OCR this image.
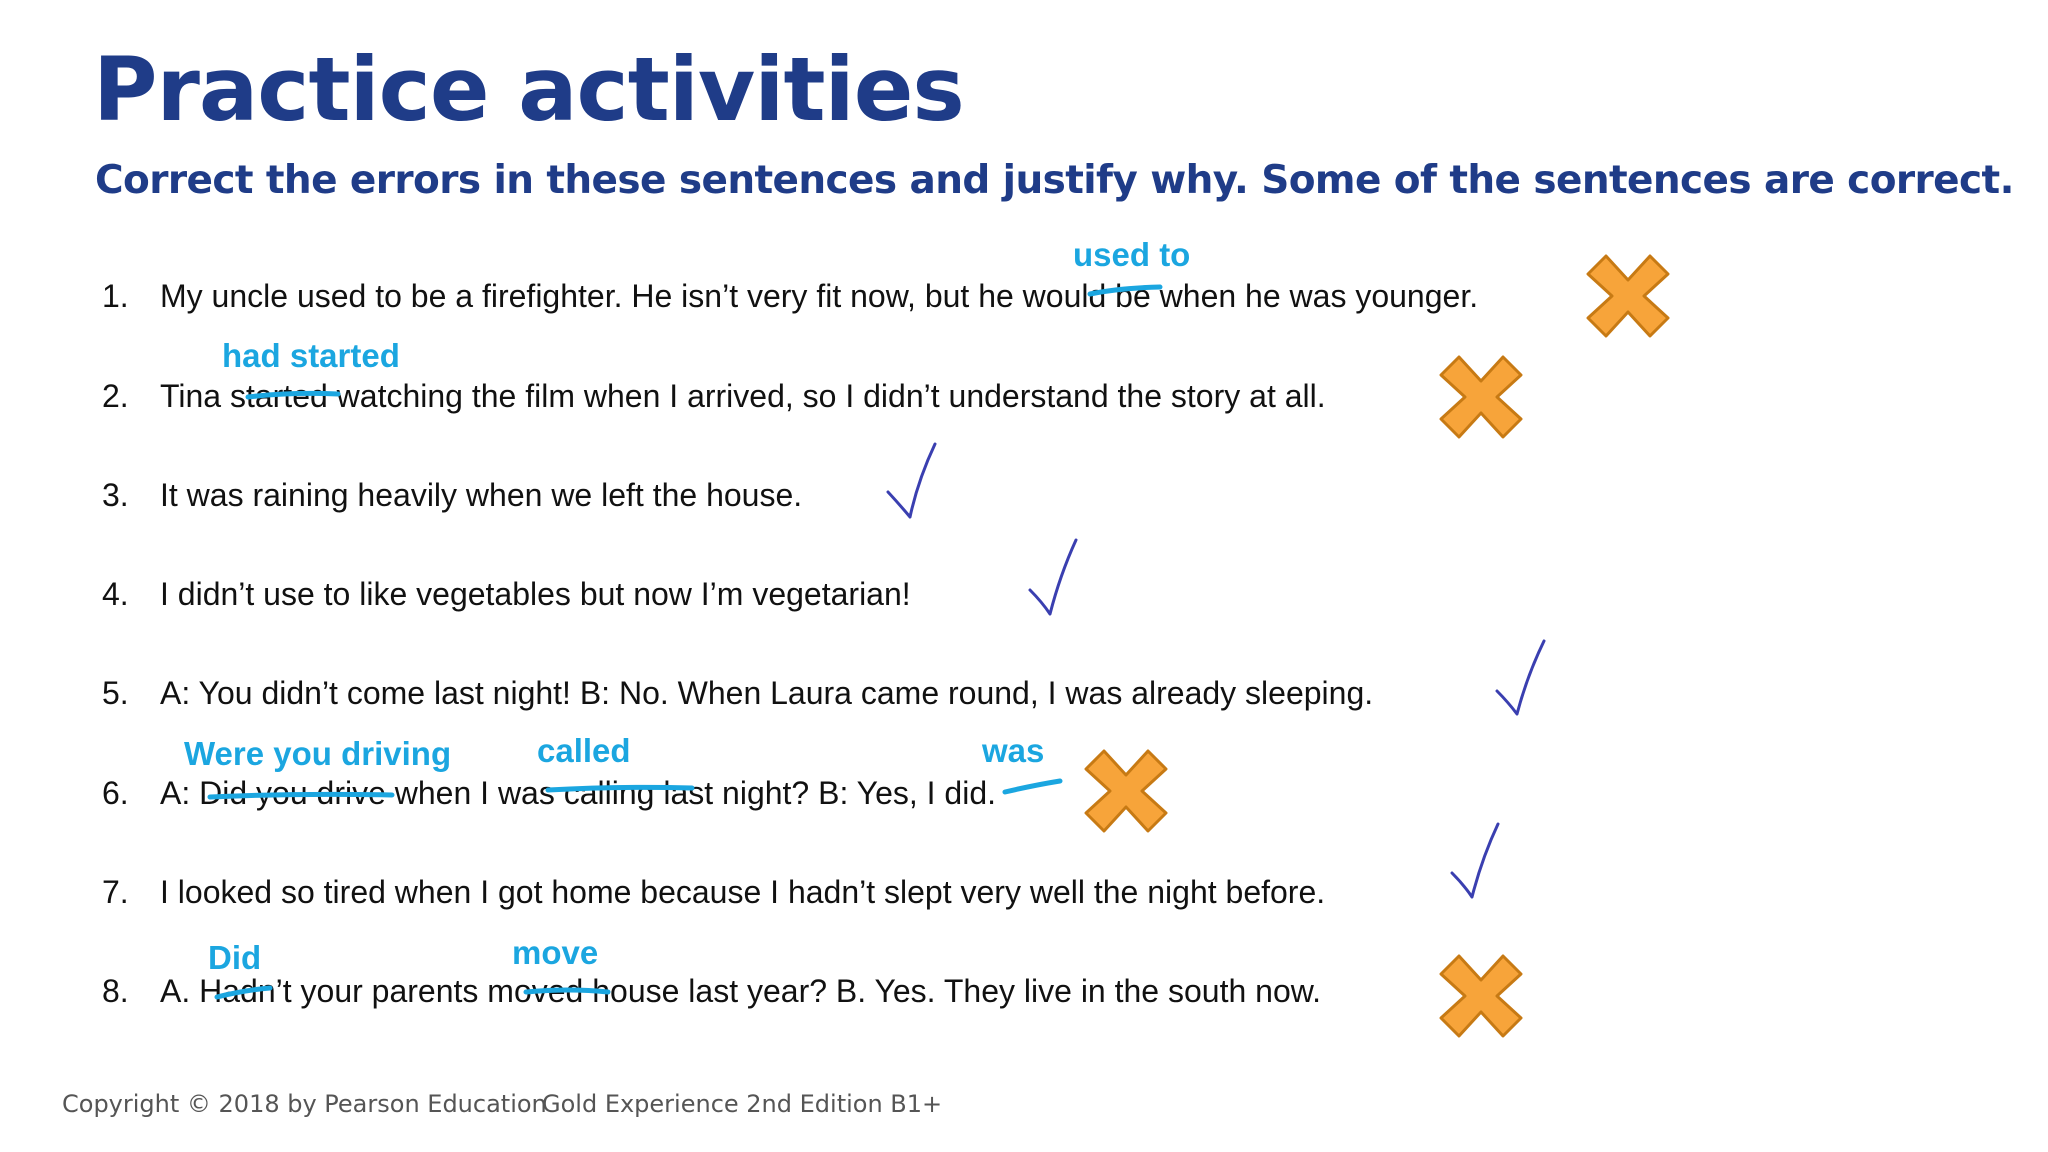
Practice activities
Correct the errors in these sentences and justify why. Some of the sentences are correct.
1. My uncle used to be a firefighter. He isn’t very fit now, but he would be when he was younger.
2. Tina started watching the film when I arrived, so I didn’t understand the story at all.
3. It was raining heavily when we left the house.
4. I didn’t use to like vegetables but now I’m vegetarian!
5. A: You didn’t come last night! B: No. When Laura came round, I was already sleeping.
6. A: Did you drive when I was calling last night? B: Yes, I did.
7. I looked so tired when I got home because I hadn’t slept very well the night before.
8. A. Hadn’t your parents moved house last year? B. Yes. They live in the south now.
used to
had started
Were you driving	called	was
Did	move
Copyright © 2018 by Pearson Education
Gold Experience 2nd Edition B1+
